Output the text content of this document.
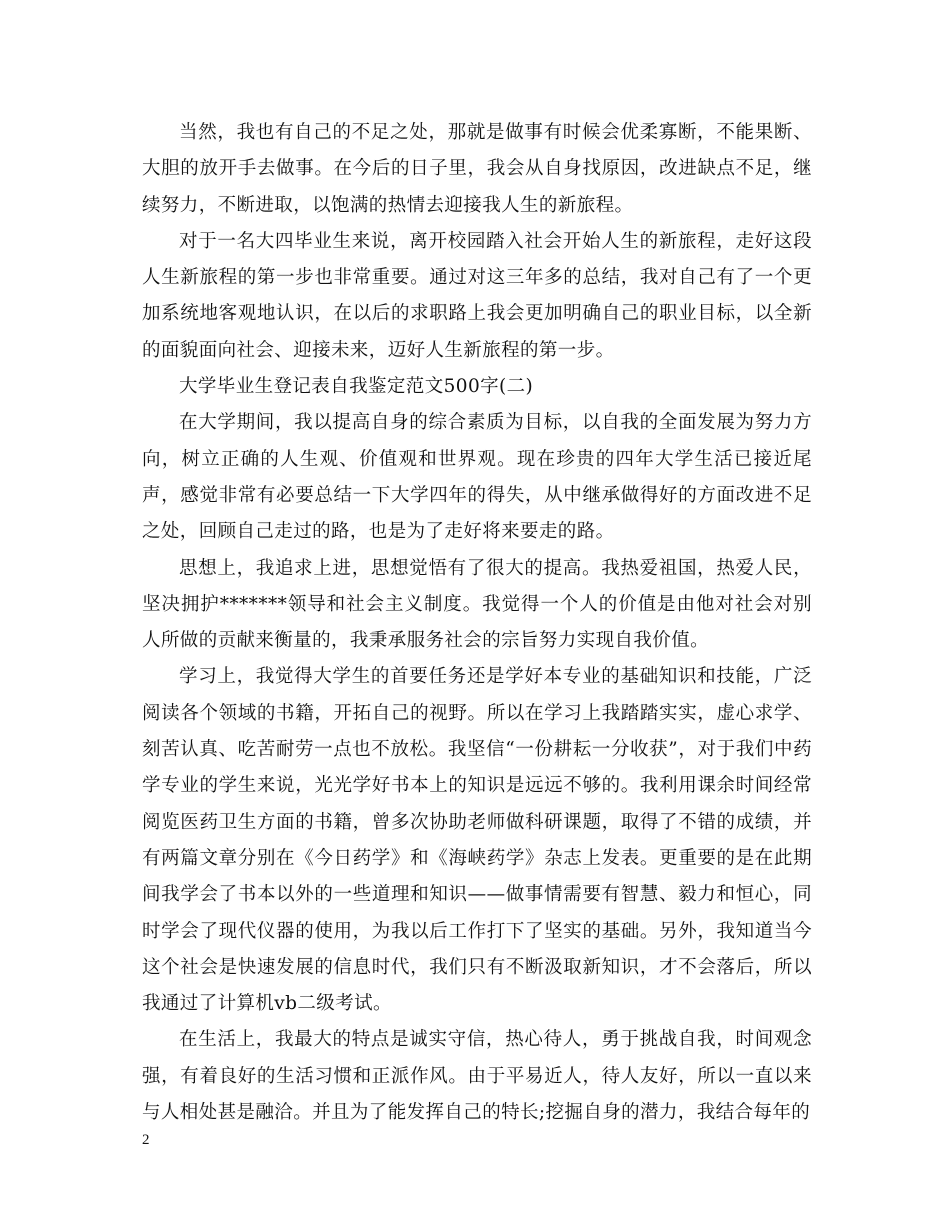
当然，我也有自己的不足之处，那就是做事有时候会优柔寡断，不能果断、大胆的放开手去做事。在今后的日子里，我会从自身找原因，改进缺点不足，继续努力，不断进取，以饱满的热情去迎接我人生的新旅程。

对于一名大四毕业生来说，离开校园踏入社会开始人生的新旅程，走好这段人生新旅程的第一步也非常重要。通过对这三年多的总结，我对自己有了一个更加系统地客观地认识，在以后的求职路上我会更加明确自己的职业目标，以全新的面貌面向社会、迎接未来，迈好人生新旅程的第一步。

大学毕业生登记表自我鉴定范文500字(二)

在大学期间，我以提高自身的综合素质为目标，以自我的全面发展为努力方向，树立正确的人生观、价值观和世界观。现在珍贵的四年大学生活已接近尾声，感觉非常有必要总结一下大学四年的得失，从中继承做得好的方面改进不足之处，回顾自己走过的路，也是为了走好将来要走的路。

思想上，我追求上进，思想觉悟有了很大的提高。我热爱祖国，热爱人民，坚决拥护*******领导和社会主义制度。我觉得一个人的价值是由他对社会对别人所做的贡献来衡量的，我秉承服务社会的宗旨努力实现自我价值。

学习上，我觉得大学生的首要任务还是学好本专业的基础知识和技能，广泛阅读各个领域的书籍，开拓自己的视野。所以在学习上我踏踏实实，虚心求学、刻苦认真、吃苦耐劳一点也不放松。我坚信“一份耕耘一分收获”，对于我们中药学专业的学生来说，光光学好书本上的知识是远远不够的。我利用课余时间经常阅览医药卫生方面的书籍，曾多次协助老师做科研课题，取得了不错的成绩，并有两篇文章分别在《今日药学》和《海峡药学》杂志上发表。更重要的是在此期间我学会了书本以外的一些道理和知识——做事情需要有智慧、毅力和恒心，同时学会了现代仪器的使用，为我以后工作打下了坚实的基础。另外，我知道当今这个社会是快速发展的信息时代，我们只有不断汲取新知识，才不会落后，所以我通过了计算机vb二级考试。

在生活上，我最大的特点是诚实守信，热心待人，勇于挑战自我，时间观念强，有着良好的生活习惯和正派作风。由于平易近人，待人友好，所以一直以来与人相处甚是融洽。并且为了能发挥自己的特长;挖掘自身的潜力，我结合每年的

2
